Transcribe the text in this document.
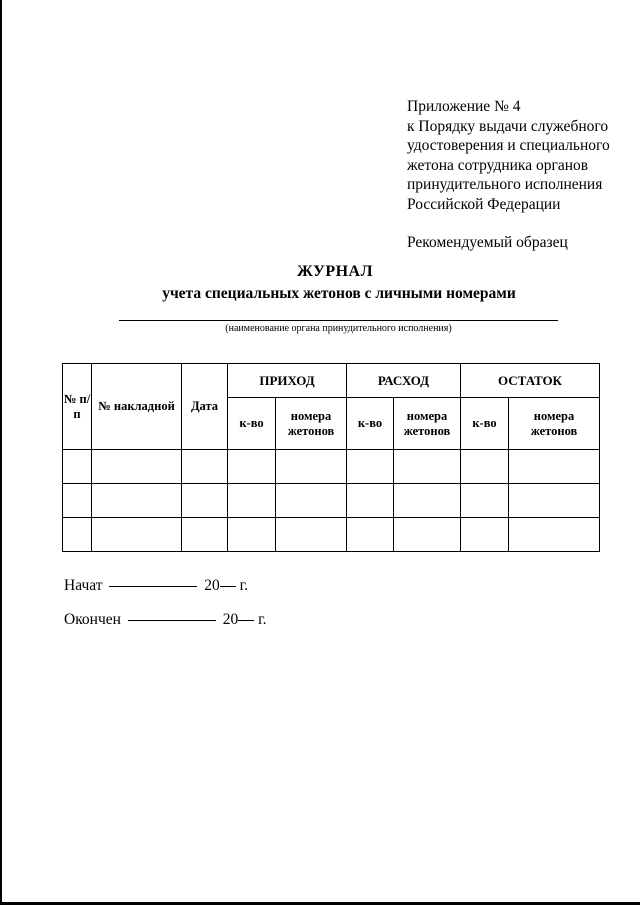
Приложение № 4
к Порядку выдачи служебного
удостоверения и специального
жетона сотрудника органов
принудительного исполнения
Российской Федерации
Рекомендуемый образец
ЖУРНАЛ
учета специальных жетонов с личными номерами
(наименование органа принудительного исполнения)
№ п/п	№ накладной	Дата	ПРИХОД		РАСХОД		ОСТАТОК	
			к-во	номера жетонов	к-во	номера жетонов	к-во	номера жетонов

Начат	20 г.
Окончен	20 г.
